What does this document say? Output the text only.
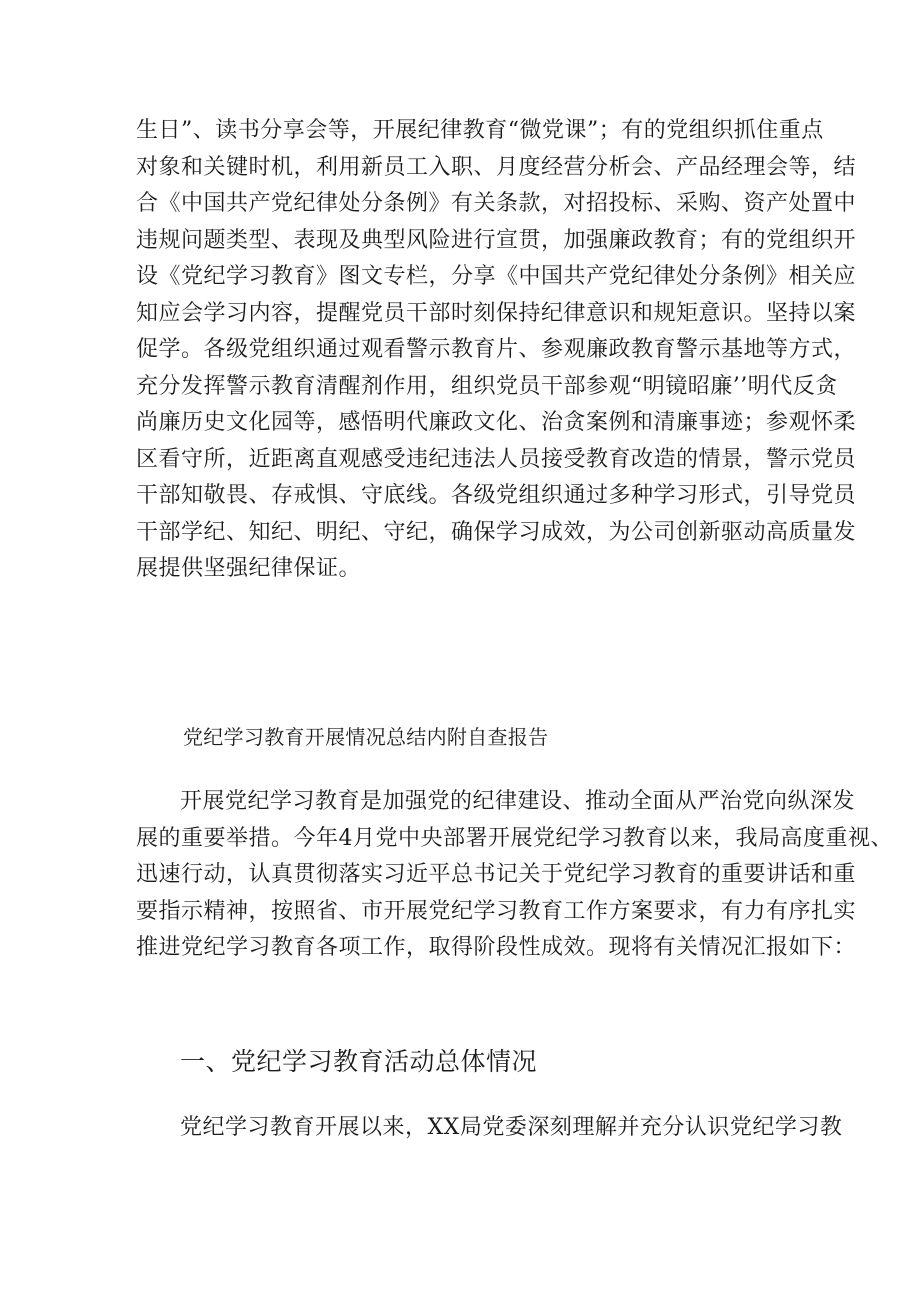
生日”、读书分享会等，开展纪律教育“微党课”；有的党组织抓住重点
对象和关键时机，利用新员工入职、月度经营分析会、产品经理会等，结
合《中国共产党纪律处分条例》有关条款，对招投标、采购、资产处置中
违规问题类型、表现及典型风险进行宣贯，加强廉政教育；有的党组织开
设《党纪学习教育》图文专栏，分享《中国共产党纪律处分条例》相关应
知应会学习内容，提醒党员干部时刻保持纪律意识和规矩意识。坚持以案
促学。各级党组织通过观看警示教育片、参观廉政教育警示基地等方式，
充分发挥警示教育清醒剂作用，组织党员干部参观“明镜昭廉’’明代反贪
尚廉历史文化园等，感悟明代廉政文化、治贪案例和清廉事迹；参观怀柔
区看守所，近距离直观感受违纪违法人员接受教育改造的情景，警示党员
干部知敬畏、存戒惧、守底线。各级党组织通过多种学习形式，引导党员
干部学纪、知纪、明纪、守纪，确保学习成效，为公司创新驱动高质量发
展提供坚强纪律保证。
党纪学习教育开展情况总结内附自查报告
开展党纪学习教育是加强党的纪律建设、推动全面从严治党向纵深发
展的重要举措。今年4月党中央部署开展党纪学习教育以来，我局高度重视、
迅速行动，认真贯彻落实习近平总书记关于党纪学习教育的重要讲话和重
要指示精神，按照省、市开展党纪学习教育工作方案要求，有力有序扎实
推进党纪学习教育各项工作，取得阶段性成效。现将有关情况汇报如下：
一、党纪学习教育活动总体情况
党纪学习教育开展以来，XX局党委深刻理解并充分认识党纪学习教
